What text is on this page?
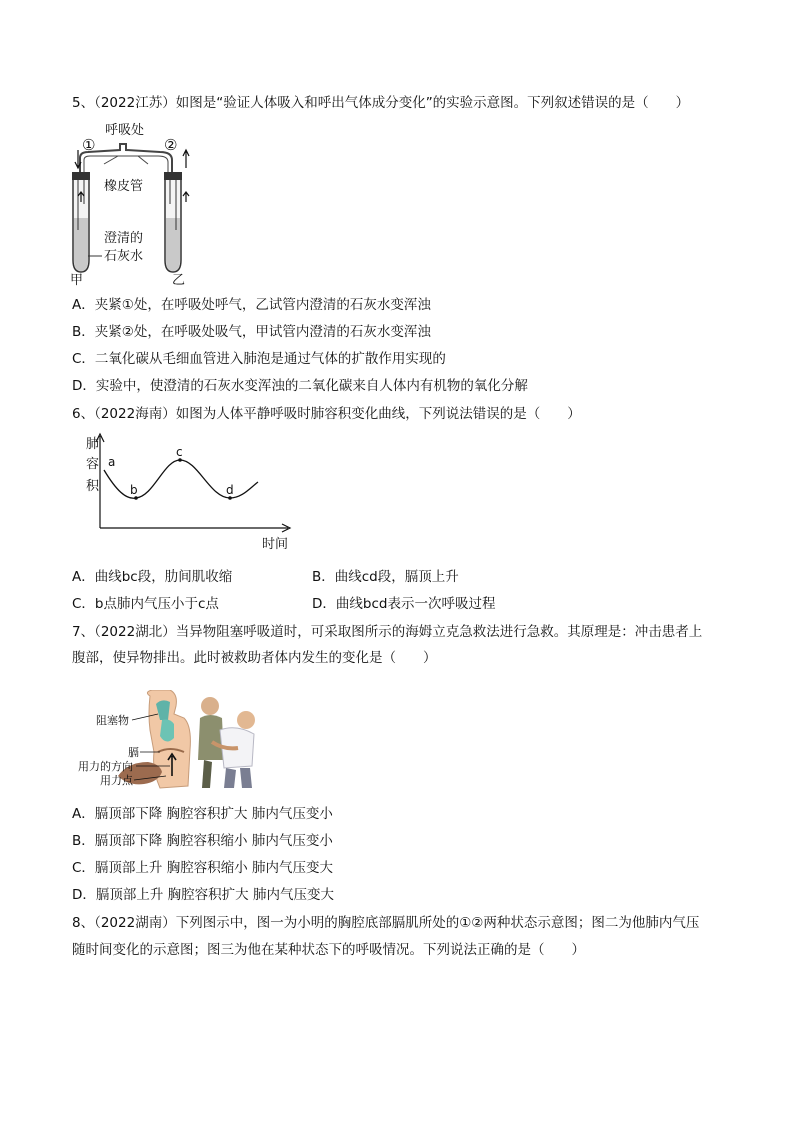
5、（2022江苏）如图是“验证人体吸入和呼出气体成分变化”的实验示意图。下列叙述错误的是（　　）
呼吸处
①	②
橡皮管
澄清的
石灰水
甲	乙
A．夹紧①处，在呼吸处呼气，乙试管内澄清的石灰水变浑浊
B．夹紧②处，在呼吸处吸气，甲试管内澄清的石灰水变浑浊
C．二氧化碳从毛细血管进入肺泡是通过气体的扩散作用实现的
D．实验中，使澄清的石灰水变浑浊的二氧化碳来自人体内有机物的氧化分解
6、（2022海南）如图为人体平静呼吸时肺容积变化曲线，下列说法错误的是（　　）
肺
容
积
时间
a
b
c
d
A．曲线bc段，肋间肌收缩	B．曲线cd段，膈顶上升
C．b点肺内气压小于c点	D．曲线bcd表示一次呼吸过程
7、（2022湖北）当异物阻塞呼吸道时，可采取图所示的海姆立克急救法进行急救。其原理是：冲击患者上
腹部，使异物排出。此时被救助者体内发生的变化是（　　）
阻塞物
膈
用力的方向
用力点
A．膈顶部下降 胸腔容积扩大 肺内气压变小
B．膈顶部下降 胸腔容积缩小 肺内气压变小
C．膈顶部上升 胸腔容积缩小 肺内气压变大
D．膈顶部上升 胸腔容积扩大 肺内气压变大
8、（2022湖南）下列图示中，图一为小明的胸腔底部膈肌所处的①②两种状态示意图；图二为他肺内气压
随时间变化的示意图；图三为他在某种状态下的呼吸情况。下列说法正确的是（　　）
